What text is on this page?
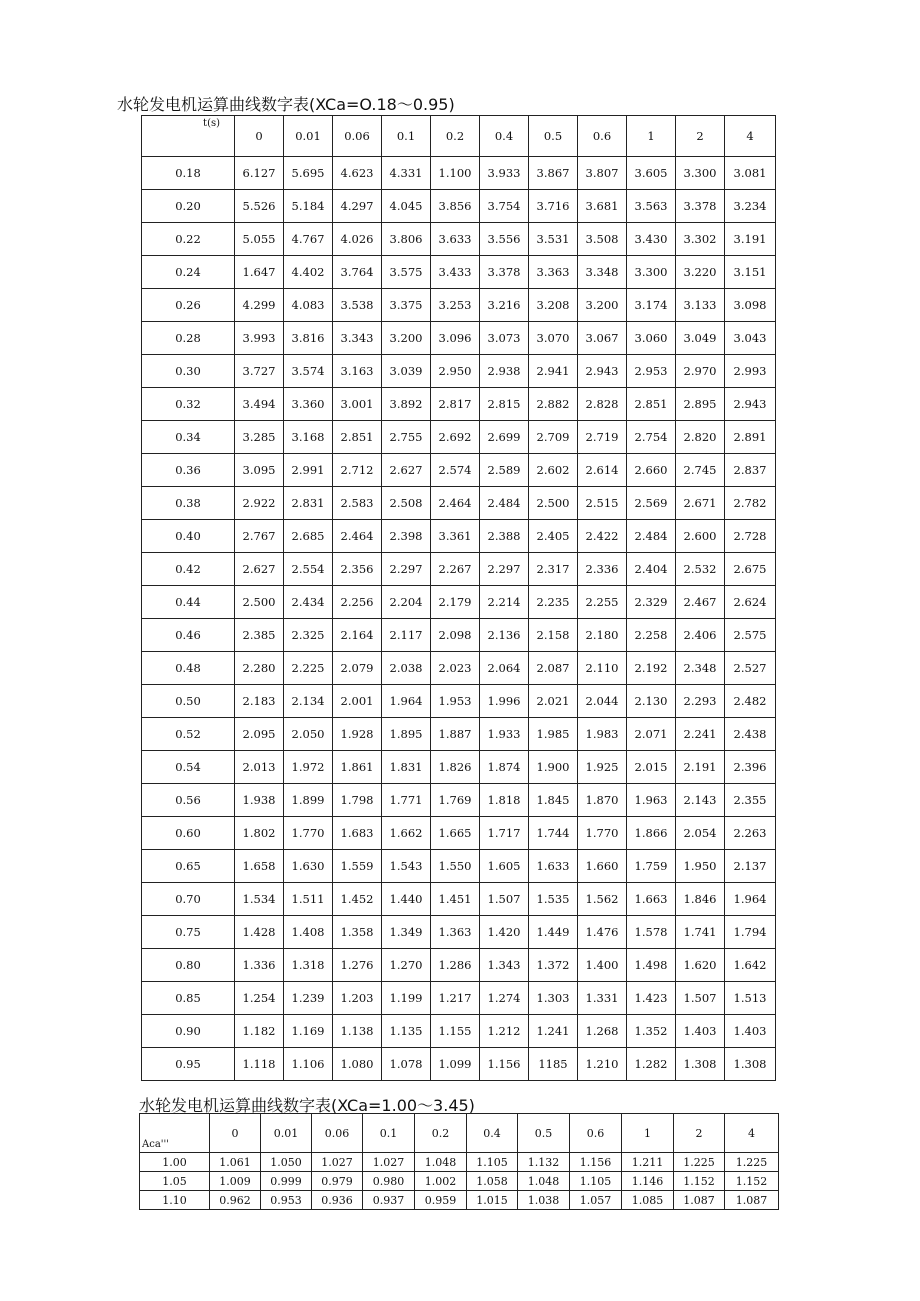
水轮发电机运算曲线数字表(XCa=O.18～0.95)
t(s)	0	0.01	0.06	0.1	0.2	0.4	0.5	0.6	1	2	4
0.18	6.127	5.695	4.623	4.331	1.100	3.933	3.867	3.807	3.605	3.300	3.081
0.20	5.526	5.184	4.297	4.045	3.856	3.754	3.716	3.681	3.563	3.378	3.234
0.22	5.055	4.767	4.026	3.806	3.633	3.556	3.531	3.508	3.430	3.302	3.191
0.24	1.647	4.402	3.764	3.575	3.433	3.378	3.363	3.348	3.300	3.220	3.151
0.26	4.299	4.083	3.538	3.375	3.253	3.216	3.208	3.200	3.174	3.133	3.098
0.28	3.993	3.816	3.343	3.200	3.096	3.073	3.070	3.067	3.060	3.049	3.043
0.30	3.727	3.574	3.163	3.039	2.950	2.938	2.941	2.943	2.953	2.970	2.993
0.32	3.494	3.360	3.001	3.892	2.817	2.815	2.882	2.828	2.851	2.895	2.943
0.34	3.285	3.168	2.851	2.755	2.692	2.699	2.709	2.719	2.754	2.820	2.891
0.36	3.095	2.991	2.712	2.627	2.574	2.589	2.602	2.614	2.660	2.745	2.837
0.38	2.922	2.831	2.583	2.508	2.464	2.484	2.500	2.515	2.569	2.671	2.782
0.40	2.767	2.685	2.464	2.398	3.361	2.388	2.405	2.422	2.484	2.600	2.728
0.42	2.627	2.554	2.356	2.297	2.267	2.297	2.317	2.336	2.404	2.532	2.675
0.44	2.500	2.434	2.256	2.204	2.179	2.214	2.235	2.255	2.329	2.467	2.624
0.46	2.385	2.325	2.164	2.117	2.098	2.136	2.158	2.180	2.258	2.406	2.575
0.48	2.280	2.225	2.079	2.038	2.023	2.064	2.087	2.110	2.192	2.348	2.527
0.50	2.183	2.134	2.001	1.964	1.953	1.996	2.021	2.044	2.130	2.293	2.482
0.52	2.095	2.050	1.928	1.895	1.887	1.933	1.985	1.983	2.071	2.241	2.438
0.54	2.013	1.972	1.861	1.831	1.826	1.874	1.900	1.925	2.015	2.191	2.396
0.56	1.938	1.899	1.798	1.771	1.769	1.818	1.845	1.870	1.963	2.143	2.355
0.60	1.802	1.770	1.683	1.662	1.665	1.717	1.744	1.770	1.866	2.054	2.263
0.65	1.658	1.630	1.559	1.543	1.550	1.605	1.633	1.660	1.759	1.950	2.137
0.70	1.534	1.511	1.452	1.440	1.451	1.507	1.535	1.562	1.663	1.846	1.964
0.75	1.428	1.408	1.358	1.349	1.363	1.420	1.449	1.476	1.578	1.741	1.794
0.80	1.336	1.318	1.276	1.270	1.286	1.343	1.372	1.400	1.498	1.620	1.642
0.85	1.254	1.239	1.203	1.199	1.217	1.274	1.303	1.331	1.423	1.507	1.513
0.90	1.182	1.169	1.138	1.135	1.155	1.212	1.241	1.268	1.352	1.403	1.403
0.95	1.118	1.106	1.080	1.078	1.099	1.156	1185	1.210	1.282	1.308	1.308
水轮发电机运算曲线数字表(XCa=1.00～3.45)
Aca'''	0	0.01	0.06	0.1	0.2	0.4	0.5	0.6	1	2	4
1.00	1.061	1.050	1.027	1.027	1.048	1.105	1.132	1.156	1.211	1.225	1.225
1.05	1.009	0.999	0.979	0.980	1.002	1.058	1.048	1.105	1.146	1.152	1.152
1.10	0.962	0.953	0.936	0.937	0.959	1.015	1.038	1.057	1.085	1.087	1.087
